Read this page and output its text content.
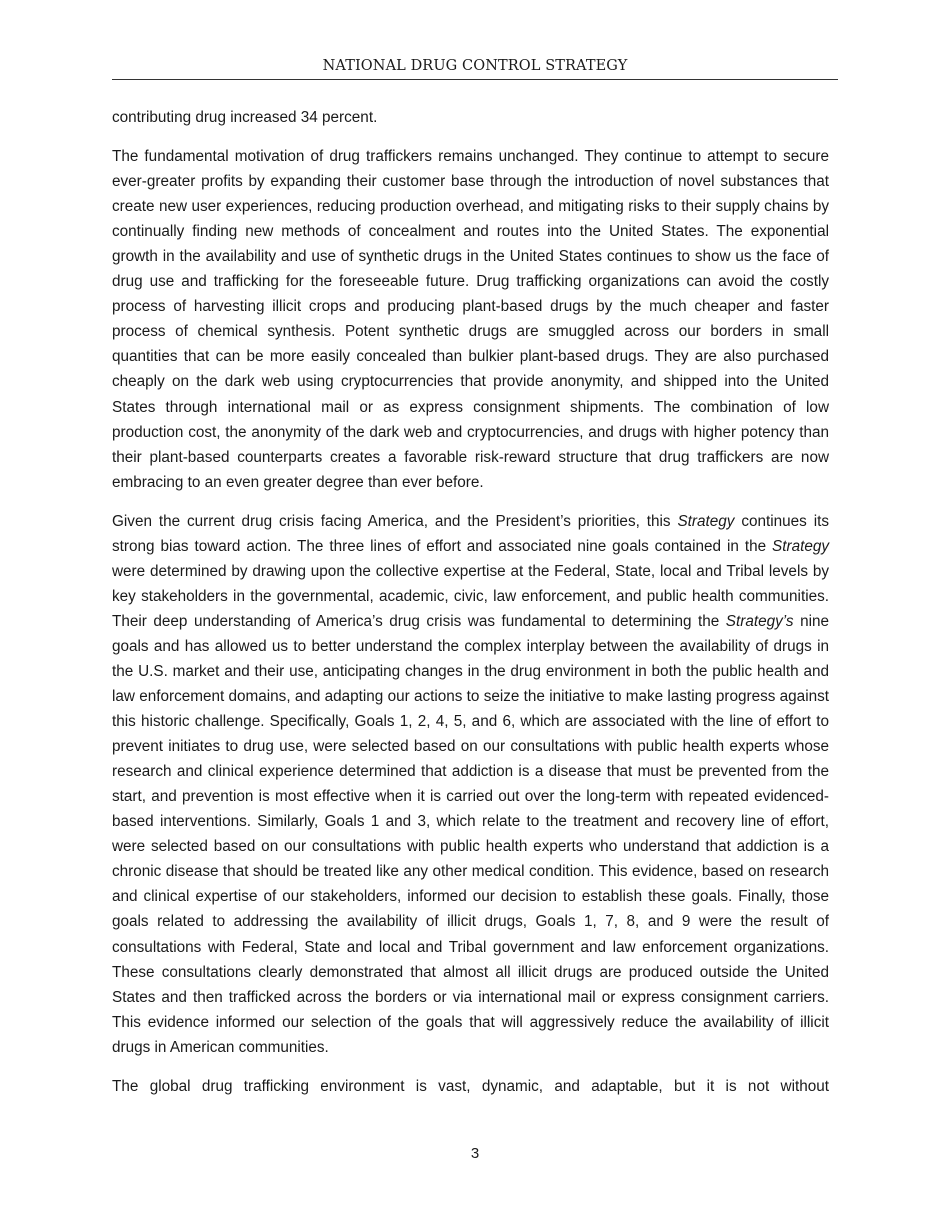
NATIONAL DRUG CONTROL STRATEGY

contributing drug increased 34 percent.

The fundamental motivation of drug traffickers remains unchanged. They continue to attempt to secure ever-greater profits by expanding their customer base through the introduction of novel substances that create new user experiences, reducing production overhead, and mitigating risks to their supply chains by continually finding new methods of concealment and routes into the United States. The exponential growth in the availability and use of synthetic drugs in the United States continues to show us the face of drug use and trafficking for the foreseeable future. Drug trafficking organizations can avoid the costly process of harvesting illicit crops and producing plant-based drugs by the much cheaper and faster process of chemical synthesis. Potent synthetic drugs are smuggled across our borders in small quantities that can be more easily concealed than bulkier plant-based drugs. They are also purchased cheaply on the dark web using cryptocurrencies that provide anonymity, and shipped into the United States through international mail or as express consignment shipments. The combination of low production cost, the anonymity of the dark web and cryptocurrencies, and drugs with higher potency than their plant-based counterparts creates a favorable risk-reward structure that drug traffickers are now embracing to an even greater degree than ever before.

Given the current drug crisis facing America, and the President’s priorities, this Strategy continues its strong bias toward action. The three lines of effort and associated nine goals contained in the Strategy were determined by drawing upon the collective expertise at the Federal, State, local and Tribal levels by key stakeholders in the governmental, academic, civic, law enforcement, and public health communities. Their deep understanding of America’s drug crisis was fundamental to determining the Strategy’s nine goals and has allowed us to better understand the complex interplay between the availability of drugs in the U.S. market and their use, anticipating changes in the drug environment in both the public health and law enforcement domains, and adapting our actions to seize the initiative to make lasting progress against this historic challenge. Specifically, Goals 1, 2, 4, 5, and 6, which are associated with the line of effort to prevent initiates to drug use, were selected based on our consultations with public health experts whose research and clinical experience determined that addiction is a disease that must be prevented from the start, and prevention is most effective when it is carried out over the long-term with repeated evidenced-based interventions. Similarly, Goals 1 and 3, which relate to the treatment and recovery line of effort, were selected based on our consultations with public health experts who understand that addiction is a chronic disease that should be treated like any other medical condition. This evidence, based on research and clinical expertise of our stakeholders, informed our decision to establish these goals. Finally, those goals related to addressing the availability of illicit drugs, Goals 1, 7, 8, and 9 were the result of consultations with Federal, State and local and Tribal government and law enforcement organizations. These consultations clearly demonstrated that almost all illicit drugs are produced outside the United States and then trafficked across the borders or via international mail or express consignment carriers. This evidence informed our selection of the goals that will aggressively reduce the availability of illicit drugs in American communities.

The global drug trafficking environment is vast, dynamic, and adaptable, but it is not without

3
